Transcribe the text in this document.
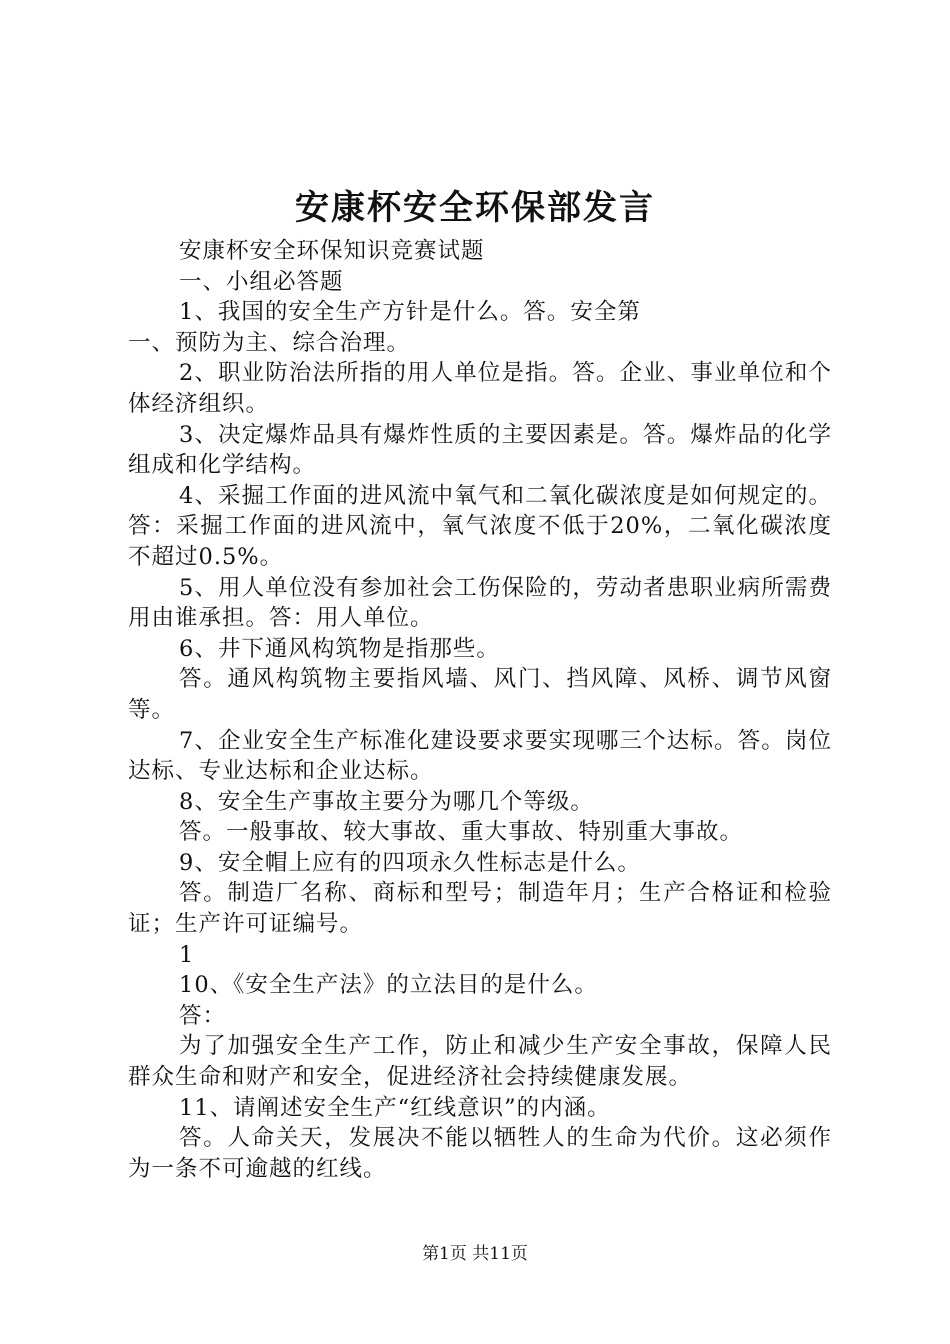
安康杯安全环保部发言

安康杯安全环保知识竞赛试题

一、小组必答题

1、我国的安全生产方针是什么。答。安全第

一、预防为主、综合治理。

2、职业防治法所指的用人单位是指。答。企业、事业单位和个体经济组织。

3、决定爆炸品具有爆炸性质的主要因素是。答。爆炸品的化学组成和化学结构。

4、采掘工作面的进风流中氧气和二氧化碳浓度是如何规定的。答：采掘工作面的进风流中，氧气浓度不低于20%，二氧化碳浓度不超过0.5%。

5、用人单位没有参加社会工伤保险的，劳动者患职业病所需费用由谁承担。答：用人单位。

6、井下通风构筑物是指那些。

答。通风构筑物主要指风墙、风门、挡风障、风桥、调节风窗等。

7、企业安全生产标准化建设要求要实现哪三个达标。答。岗位达标、专业达标和企业达标。

8、安全生产事故主要分为哪几个等级。

答。一般事故、较大事故、重大事故、特别重大事故。

9、安全帽上应有的四项永久性标志是什么。

答。制造厂名称、商标和型号；制造年月；生产合格证和检验证；生产许可证编号。

1

10、《安全生产法》的立法目的是什么。

答：

为了加强安全生产工作，防止和减少生产安全事故，保障人民群众生命和财产和安全，促进经济社会持续健康发展。

11、请阐述安全生产“红线意识”的内涵。

答。人命关天，发展决不能以牺牲人的生命为代价。这必须作为一条不可逾越的红线。

第1页 共11页
